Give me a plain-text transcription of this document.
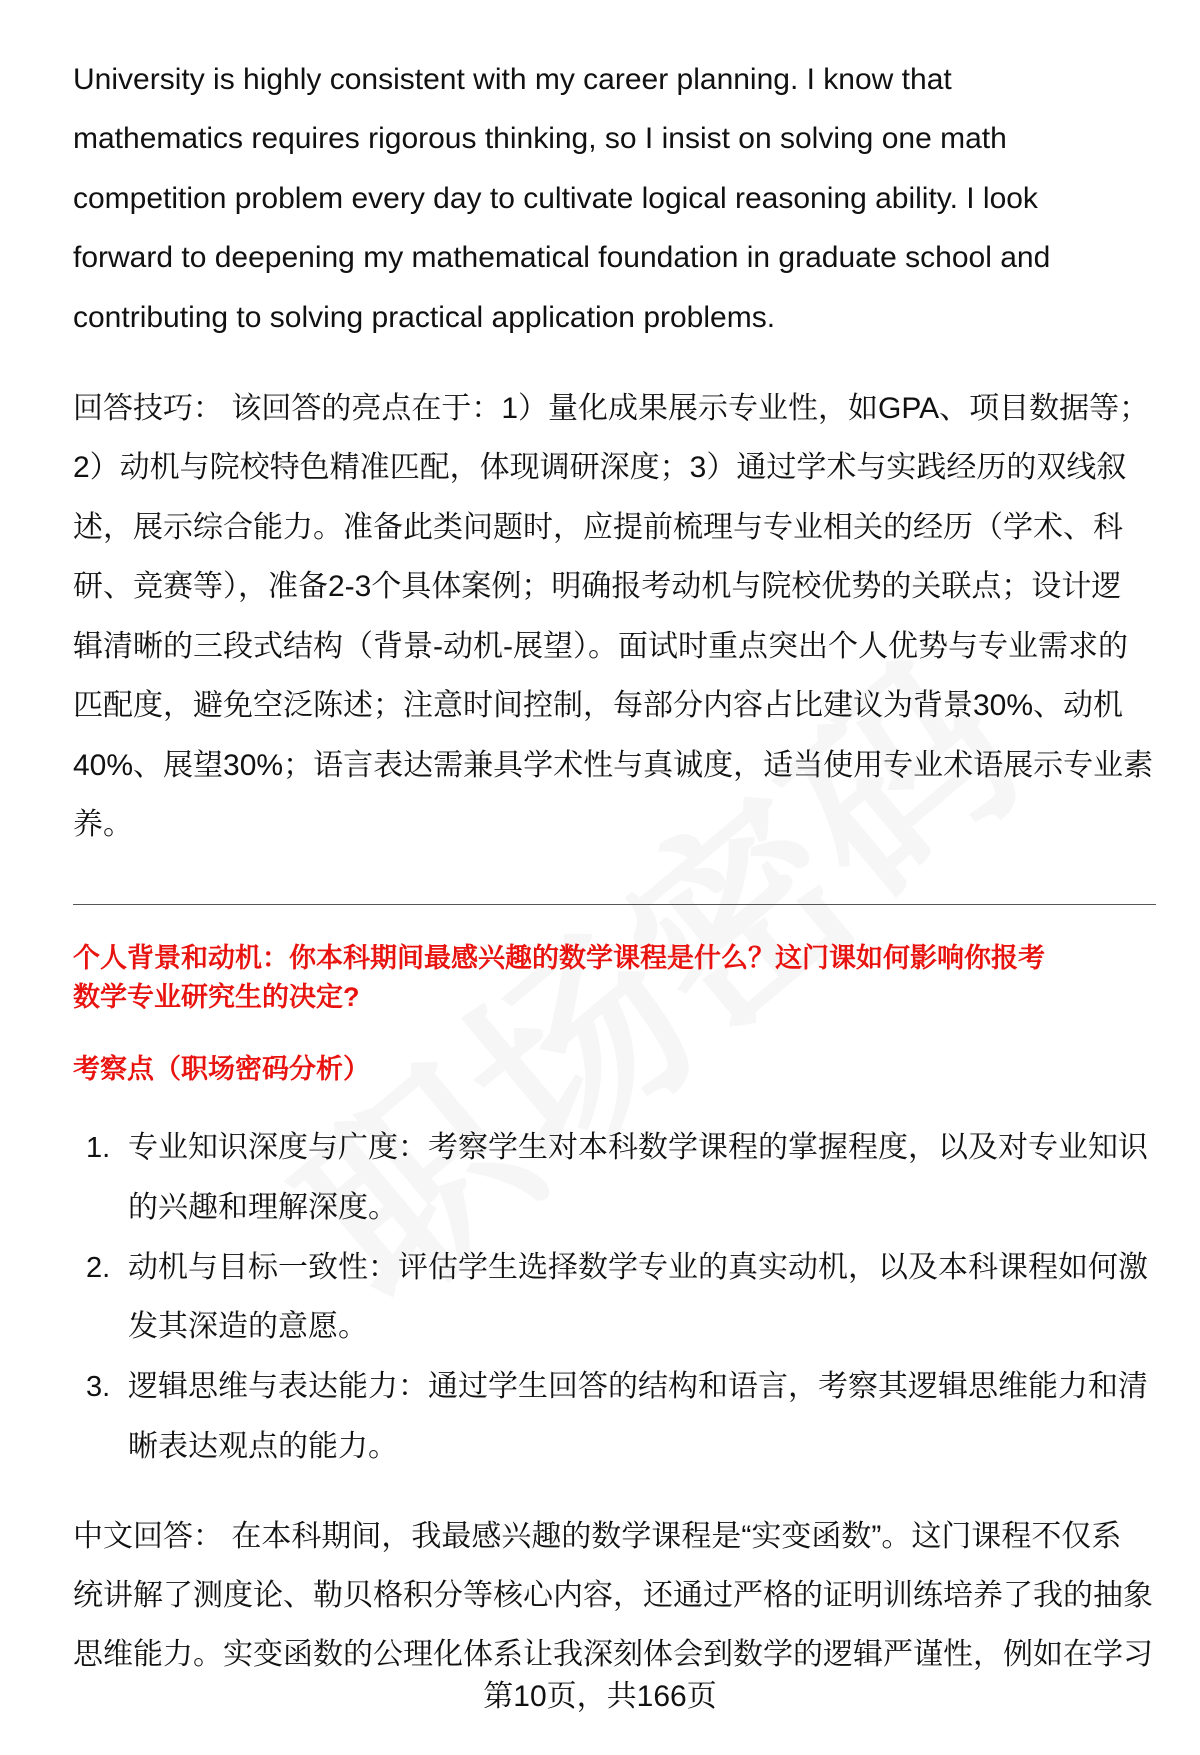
University is highly consistent with my career planning. I know that
mathematics requires rigorous thinking, so I insist on solving one math
competition problem every day to cultivate logical reasoning ability. I look
forward to deepening my mathematical foundation in graduate school and
contributing to solving practical application problems.
回答技巧： 该回答的亮点在于：1）量化成果展示专业性，如GPA、项目数据等；
2）动机与院校特色精准匹配，体现调研深度；3）通过学术与实践经历的双线叙
述，展示综合能力。准备此类问题时，应提前梳理与专业相关的经历（学术、科
研、竞赛等），准备2-3个具体案例；明确报考动机与院校优势的关联点；设计逻
辑清晰的三段式结构（背景-动机-展望）。面试时重点突出个人优势与专业需求的
匹配度，避免空泛陈述；注意时间控制，每部分内容占比建议为背景30%、动机
40%、展望30%；语言表达需兼具学术性与真诚度，适当使用专业术语展示专业素
养。
个人背景和动机：你本科期间最感兴趣的数学课程是什么？这门课如何影响你报考
数学专业研究生的决定?
考察点（职场密码分析）
1. 专业知识深度与广度：考察学生对本科数学课程的掌握程度，以及对专业知识
的兴趣和理解深度。
2. 动机与目标一致性：评估学生选择数学专业的真实动机，以及本科课程如何激
发其深造的意愿。
3. 逻辑思维与表达能力：通过学生回答的结构和语言，考察其逻辑思维能力和清
晰表达观点的能力。
中文回答： 在本科期间，我最感兴趣的数学课程是“实变函数”。这门课程不仅系
统讲解了测度论、勒贝格积分等核心内容，还通过严格的证明训练培养了我的抽象
思维能力。实变函数的公理化体系让我深刻体会到数学的逻辑严谨性，例如在学习
第10页，共166页
